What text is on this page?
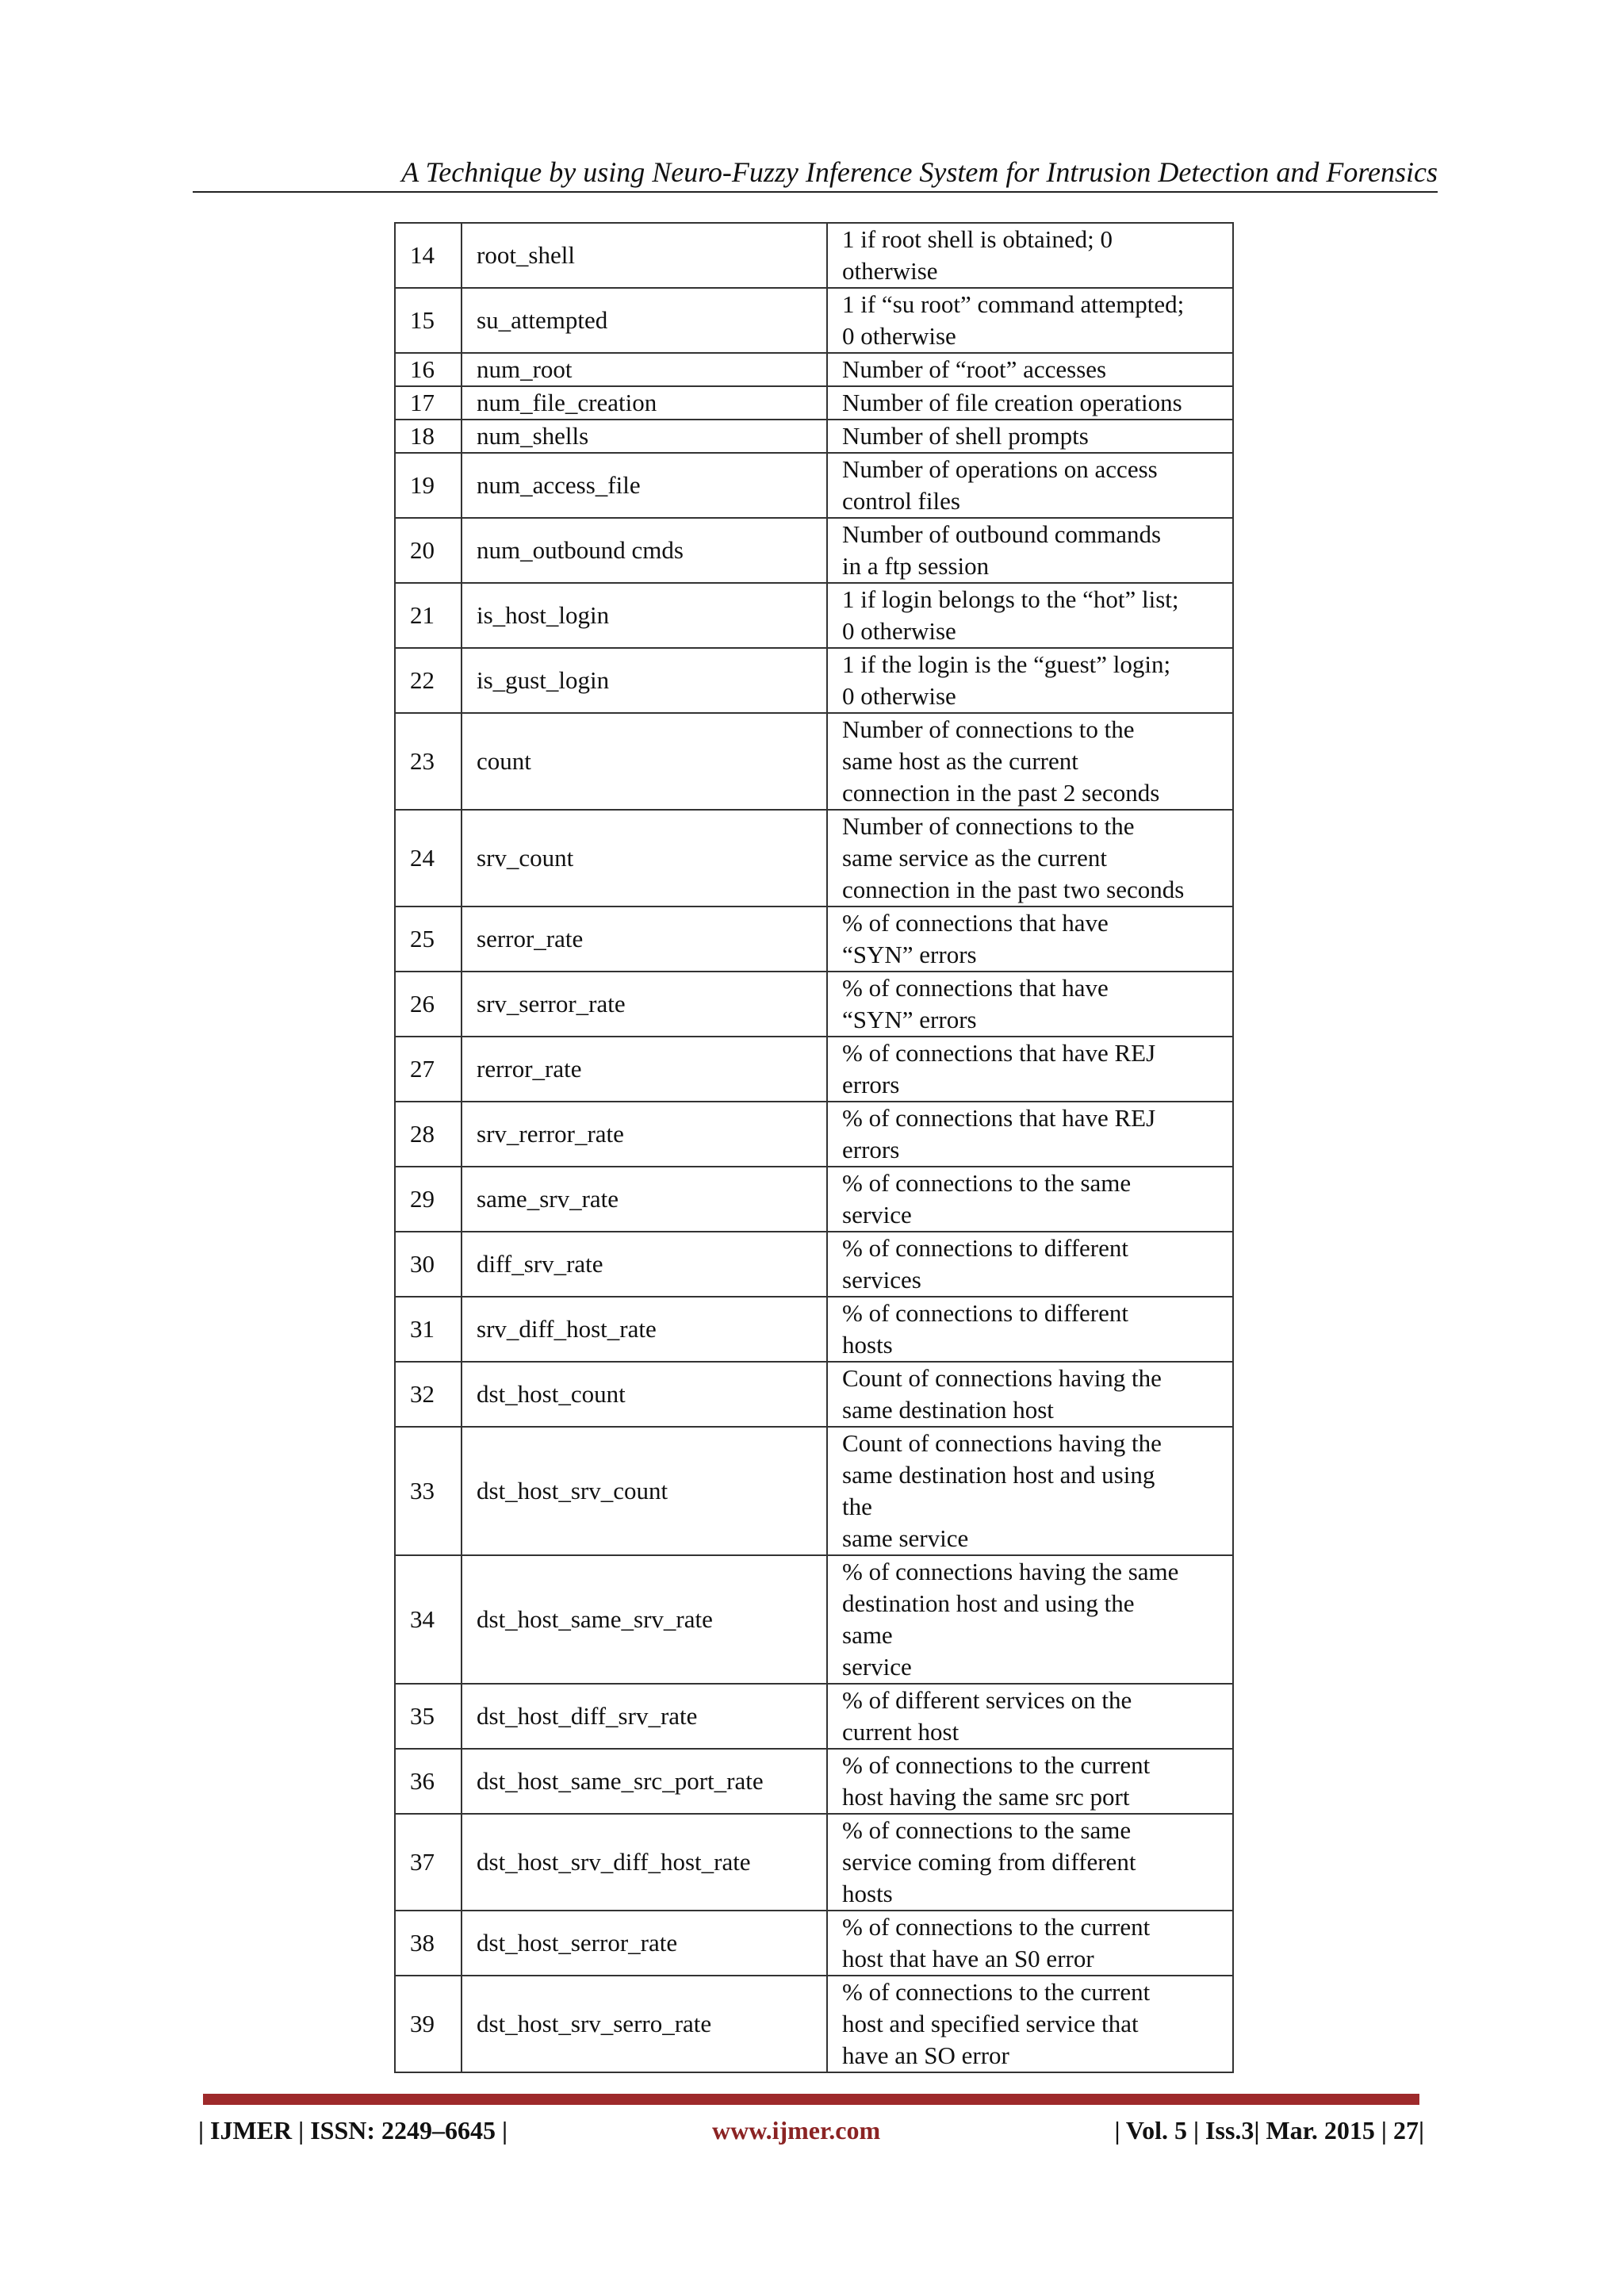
A Technique by using Neuro-Fuzzy Inference System for Intrusion Detection and Forensics
14	root_shell	1 if root shell is obtained; 0
otherwise

15	su_attempted	1 if “su root” command attempted;
0 otherwise

16	num_root	Number of “root” accesses

17	num_file_creation	Number of file creation operations

18	num_shells	Number of shell prompts

19	num_access_file	Number of operations on access
control files

20	num_outbound cmds	Number of outbound commands
in a ftp session

21	is_host_login	1 if login belongs to the “hot” list;
0 otherwise

22	is_gust_login	1 if the login is the “guest” login;
0 otherwise

23	count	Number of connections to the
same host as the current
connection in the past 2 seconds

24	srv_count	Number of connections to the
same service as the current
connection in the past two seconds

25	serror_rate	% of connections that have
“SYN” errors

26	srv_serror_rate	% of connections that have
“SYN” errors

27	rerror_rate	% of connections that have REJ
errors

28	srv_rerror_rate	% of connections that have REJ
errors

29	same_srv_rate	% of connections to the same
service

30	diff_srv_rate	% of connections to different
services

31	srv_diff_host_rate	% of connections to different
hosts

32	dst_host_count	Count of connections having the
same destination host

33	dst_host_srv_count	Count of connections having the
same destination host and using
the
same service

34	dst_host_same_srv_rate	% of connections having the same
destination host and using the
same
service

35	dst_host_diff_srv_rate	% of different services on the
current host

36	dst_host_same_src_port_rate	% of connections to the current
host having the same src port

37	dst_host_srv_diff_host_rate	% of connections to the same
service coming from different
hosts

38	dst_host_serror_rate	% of connections to the current
host that have an S0 error

39	dst_host_srv_serro_rate	% of connections to the current
host and specified service that
have an SO error
| IJMER | ISSN: 2249–6645 |	www.ijmer.com	| Vol. 5 | Iss.3| Mar. 2015 | 27|
